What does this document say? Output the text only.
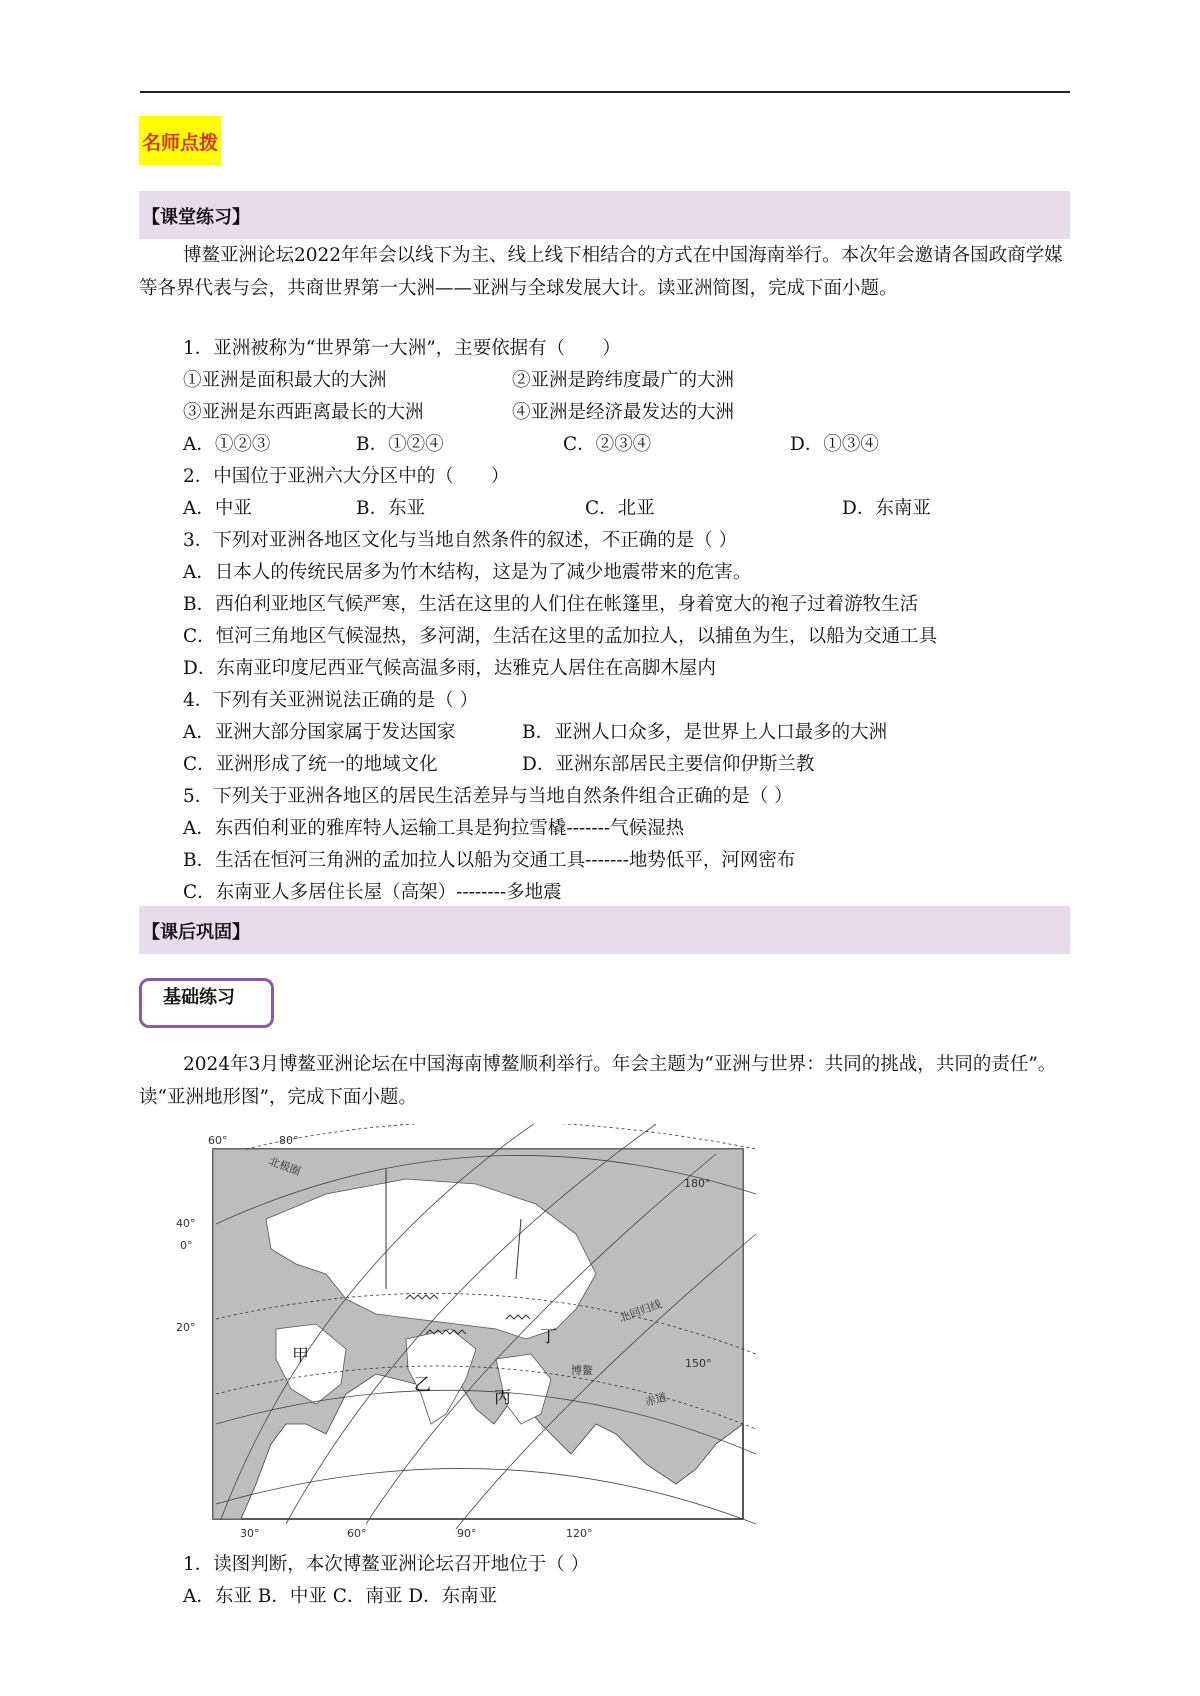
名师点拨
【课堂练习】
博鳌亚洲论坛2022年年会以线下为主、线上线下相结合的方式在中国海南举行。本次年会邀请各国政商学媒等各界代表与会，共商世界第一大洲——亚洲与全球发展大计。读亚洲简图，完成下面小题。
1．亚洲被称为“世界第一大洲”，主要依据有（　　）
①亚洲是面积最大的大洲	②亚洲是跨纬度最广的大洲
③亚洲是东西距离最长的大洲	④亚洲是经济最发达的大洲
A．①②③	B．①②④	C．②③④	D．①③④
2．中国位于亚洲六大分区中的（　　）
A．中亚	B．东亚	C．北亚	D．东南亚
3．下列对亚洲各地区文化与当地自然条件的叙述，不正确的是（ ）
A．日本人的传统民居多为竹木结构，这是为了减少地震带来的危害。
B．西伯利亚地区气候严寒，生活在这里的人们住在帐篷里，身着宽大的袍子过着游牧生活
C．恒河三角地区气候湿热，多河湖，生活在这里的孟加拉人，以捕鱼为生，以船为交通工具
D．东南亚印度尼西亚气候高温多雨，达雅克人居住在高脚木屋内
4．下列有关亚洲说法正确的是（ ）
A．亚洲大部分国家属于发达国家	B．亚洲人口众多，是世界上人口最多的大洲
C．亚洲形成了统一的地域文化	D．亚洲东部居民主要信仰伊斯兰教
5．下列关于亚洲各地区的居民生活差异与当地自然条件组合正确的是（ ）
A．东西伯利亚的雅库特人运输工具是狗拉雪橇-------气候湿热
B．生活在恒河三角洲的孟加拉人以船为交通工具-------地势低平，河网密布
C．东南亚人多居住长屋（高架）--------多地震
【课后巩固】
基础练习
2024年3月博鳌亚洲论坛在中国海南博鳌顺利举行。年会主题为“亚洲与世界：共同的挑战，共同的责任”。读“亚洲地形图”，完成下面小题。
60°	80°
40°
0°
20°
180°
150°
30°	60°	90°	120°
北极圈
北回归线
赤道
博鳌
甲
乙
丙
丁
1．读图判断，本次博鳌亚洲论坛召开地位于（ ）
A．东亚 B．中亚 C．南亚 D．东南亚
